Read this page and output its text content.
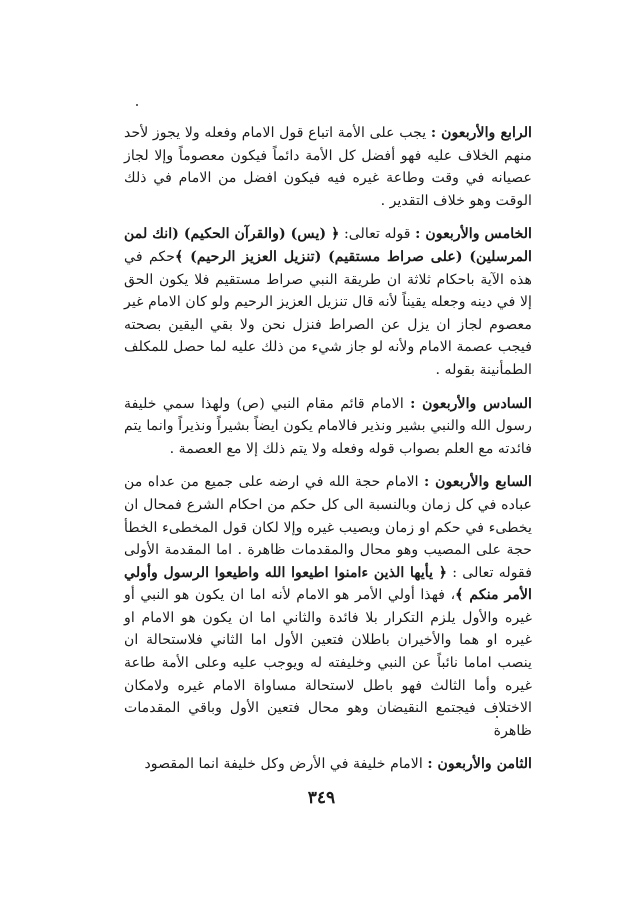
الرابع والأربعون : يجب على الأمة اتباع قول الامام وفعله ولا يجوز لأحد منهم الخلاف عليه فهو أفضل كل الأمة دائماً فيكون معصوماً وإلا لجاز عصيانه في وقت وطاعة غيره فيه فيكون افضل من الامام في ذلك الوقت وهو خلاف التقدير .

الخامس والأربعون : قوله تعالى: ﴿ (يس) (والقرآن الحكيم) (انك لمن المرسلين) (على صراط مستقيم) (تنزيل العزيز الرحيم) ﴾حكم في هذه الآية باحكام ثلاثة ان طريقة النبي صراط مستقيم فلا يكون الحق إلا في دينه وجعله يقيناً لأنه قال تنزيل العزيز الرحيم ولو كان الامام غير معصوم لجاز ان يزل عن الصراط فنزل نحن ولا بقي اليقين بصحته فيجب عصمة الامام ولأنه لو جاز شيء من ذلك عليه لما حصل للمكلف الطمأنينة بقوله .

السادس والأربعون : الامام قائم مقام النبي (ص) ولهذا سمي خليفة رسول الله والنبي بشير ونذير فالامام يكون ايضاً بشيراً ونذيراً وانما يتم فائدته مع العلم بصواب قوله وفعله ولا يتم ذلك إلا مع العصمة .

السابع والأربعون : الامام حجة الله في ارضه على جميع من عداه من عباده في كل زمان وبالنسبة الى كل حكم من احكام الشرع فمحال ان يخطىء في حكم او زمان ويصيب غيره وإلا لكان قول المخطىء الخطأ حجة على المصيب وهو محال والمقدمات ظاهرة . اما المقدمة الأولى فقوله تعالى : ﴿ يأيها الذين ءامنوا اطيعوا الله واطيعوا الرسول وأولي الأمر منكم ﴾، فهذا أولي الأمر هو الامام لأنه اما ان يكون هو النبي أو غيره والأول يلزم التكرار بلا فائدة والثاني اما ان يكون هو الامام او غيره او هما والأخيران باطلان فتعين الأول اما الثاني فلاستحالة ان ينصب اماما نائباً عن النبي وخليفته له ويوجب عليه وعلى الأمة طاعة غيره وأما الثالث فهو باطل لاستحالة مساواة الامام غيره ولامكان الاختلاف فيجتمع النقيضان وهو محال فتعين الأول وباقي المقدمات ظاهرة

الثامن والأربعون : الامام خليفة في الأرض وكل خليفة انما المقصود

٣٤٩
